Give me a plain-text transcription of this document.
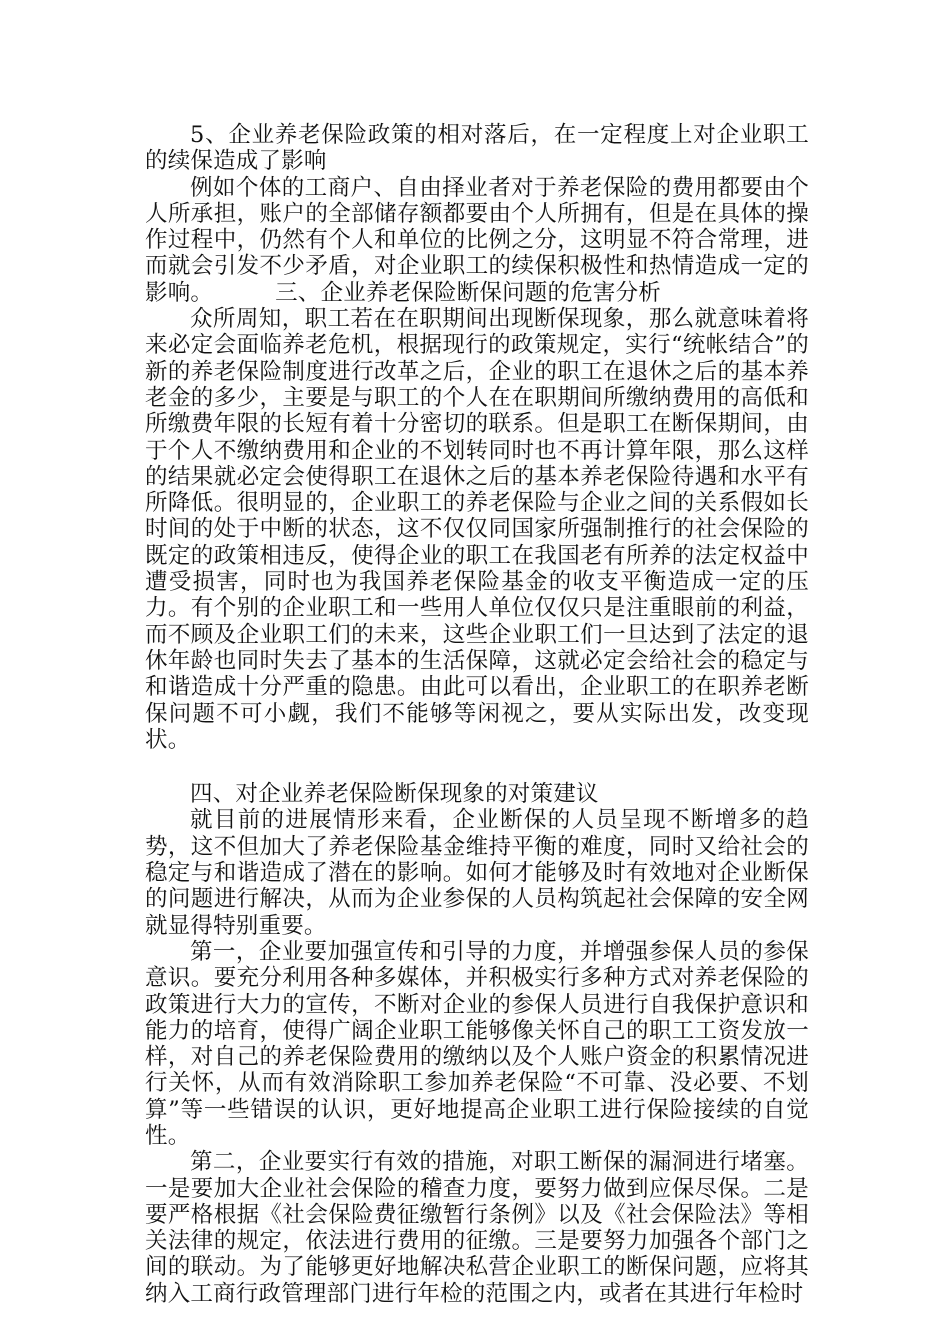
5、企业养老保险政策的相对落后，在一定程度上对企业职工的续保造成了影响

例如个体的工商户、自由择业者对于养老保险的费用都要由个人所承担，账户的全部储存额都要由个人所拥有，但是在具体的操作过程中，仍然有个人和单位的比例之分，这明显不符合常理，进而就会引发不少矛盾，对企业职工的续保积极性和热情造成一定的影响。	三、企业养老保险断保问题的危害分析

众所周知，职工若在在职期间出现断保现象，那么就意味着将来必定会面临养老危机，根据现行的政策规定，实行“统帐结合”的新的养老保险制度进行改革之后，企业的职工在退休之后的基本养老金的多少，主要是与职工的个人在在职期间所缴纳费用的高低和所缴费年限的长短有着十分密切的联系。但是职工在断保期间，由于个人不缴纳费用和企业的不划转同时也不再计算年限，那么这样的结果就必定会使得职工在退休之后的基本养老保险待遇和水平有所降低。很明显的，企业职工的养老保险与企业之间的关系假如长时间的处于中断的状态，这不仅仅同国家所强制推行的社会保险的既定的政策相违反，使得企业的职工在我国老有所养的法定权益中遭受损害，同时也为我国养老保险基金的收支平衡造成一定的压力。有个别的企业职工和一些用人单位仅仅只是注重眼前的利益，而不顾及企业职工们的未来，这些企业职工们一旦达到了法定的退休年龄也同时失去了基本的生活保障，这就必定会给社会的稳定与和谐造成十分严重的隐患。由此可以看出，企业职工的在职养老断保问题不可小觑，我们不能够等闲视之，要从实际出发，改变现状。

四、对企业养老保险断保现象的对策建议

就目前的进展情形来看，企业断保的人员呈现不断增多的趋势，这不但加大了养老保险基金维持平衡的难度，同时又给社会的稳定与和谐造成了潜在的影响。如何才能够及时有效地对企业断保的问题进行解决，从而为企业参保的人员构筑起社会保障的安全网就显得特别重要。

第一，企业要加强宣传和引导的力度，并增强参保人员的参保意识。要充分利用各种多媒体，并积极实行多种方式对养老保险的政策进行大力的宣传，不断对企业的参保人员进行自我保护意识和能力的培育，使得广阔企业职工能够像关怀自己的职工工资发放一样，对自己的养老保险费用的缴纳以及个人账户资金的积累情况进行关怀，从而有效消除职工参加养老保险“不可靠、没必要、不划算”等一些错误的认识，更好地提高企业职工进行保险接续的自觉性。

第二，企业要实行有效的措施，对职工断保的漏洞进行堵塞。一是要加大企业社会保险的稽查力度，要努力做到应保尽保。二是要严格根据《社会保险费征缴暂行条例》以及《社会保险法》等相关法律的规定，依法进行费用的征缴。三是要努力加强各个部门之间的联动。为了能够更好地解决私营企业职工的断保问题，应将其纳入工商行政管理部门进行年检的范围之内，或者在其进行年检时
